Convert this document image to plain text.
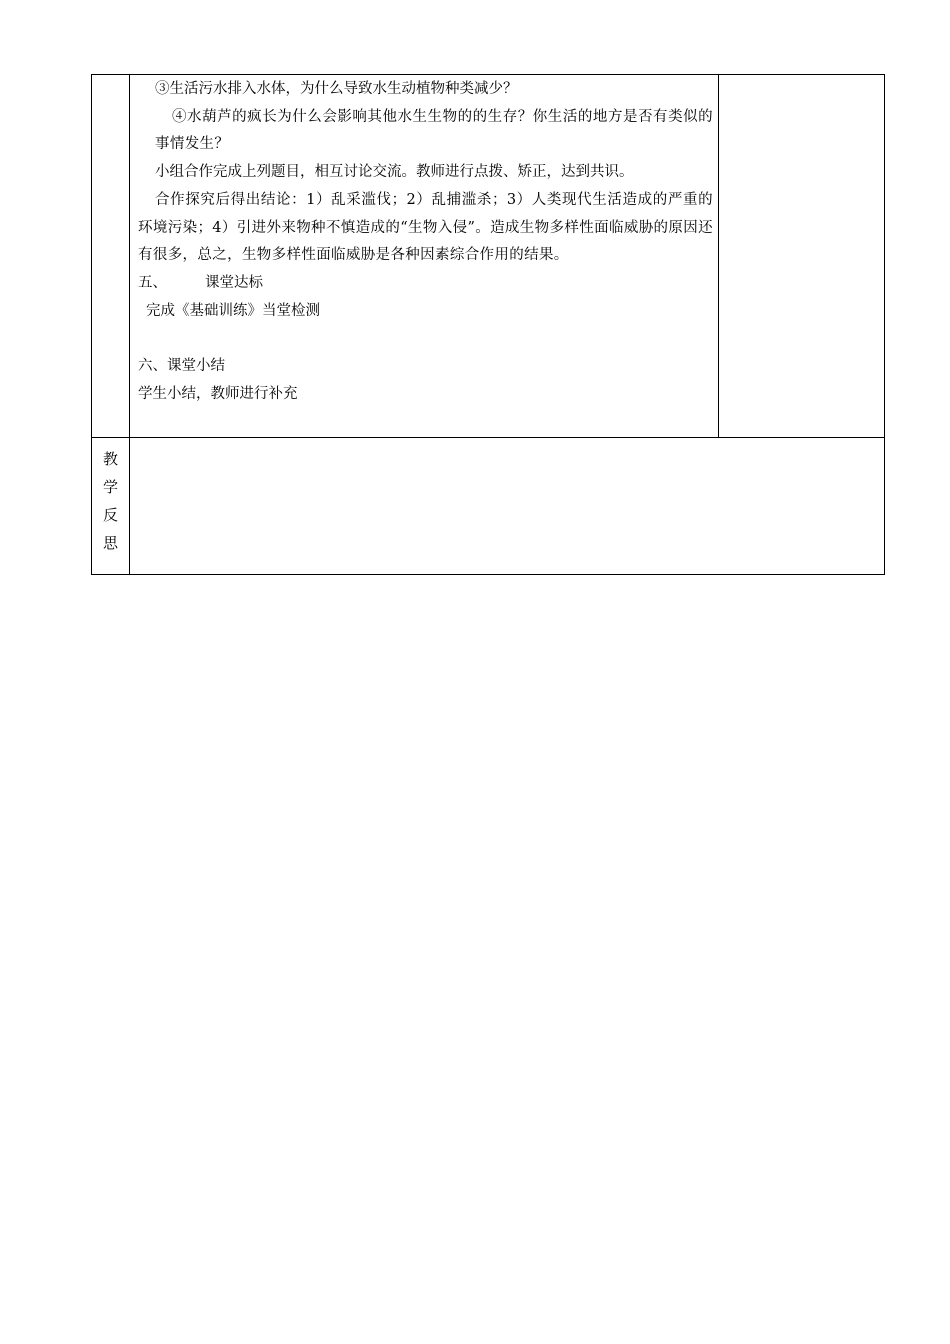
③生活污水排入水体，为什么导致水生动植物种类减少？

④水葫芦的疯长为什么会影响其他水生生物的的生存？你生活的地方是否有类似的事情发生？

小组合作完成上列题目，相互讨论交流。教师进行点拨、矫正，达到共识。

合作探究后得出结论：1）乱采滥伐；2）乱捕滥杀；3）人类现代生活造成的严重的环境污染；4）引进外来物种不慎造成的“生物入侵”。造成生物多样性面临威胁的原因还有很多，总之，生物多样性面临威胁是各种因素综合作用的结果。

五、	课堂达标

完成《基础训练》当堂检测

六、课堂小结

学生小结，教师进行补充

教
学
反
思
